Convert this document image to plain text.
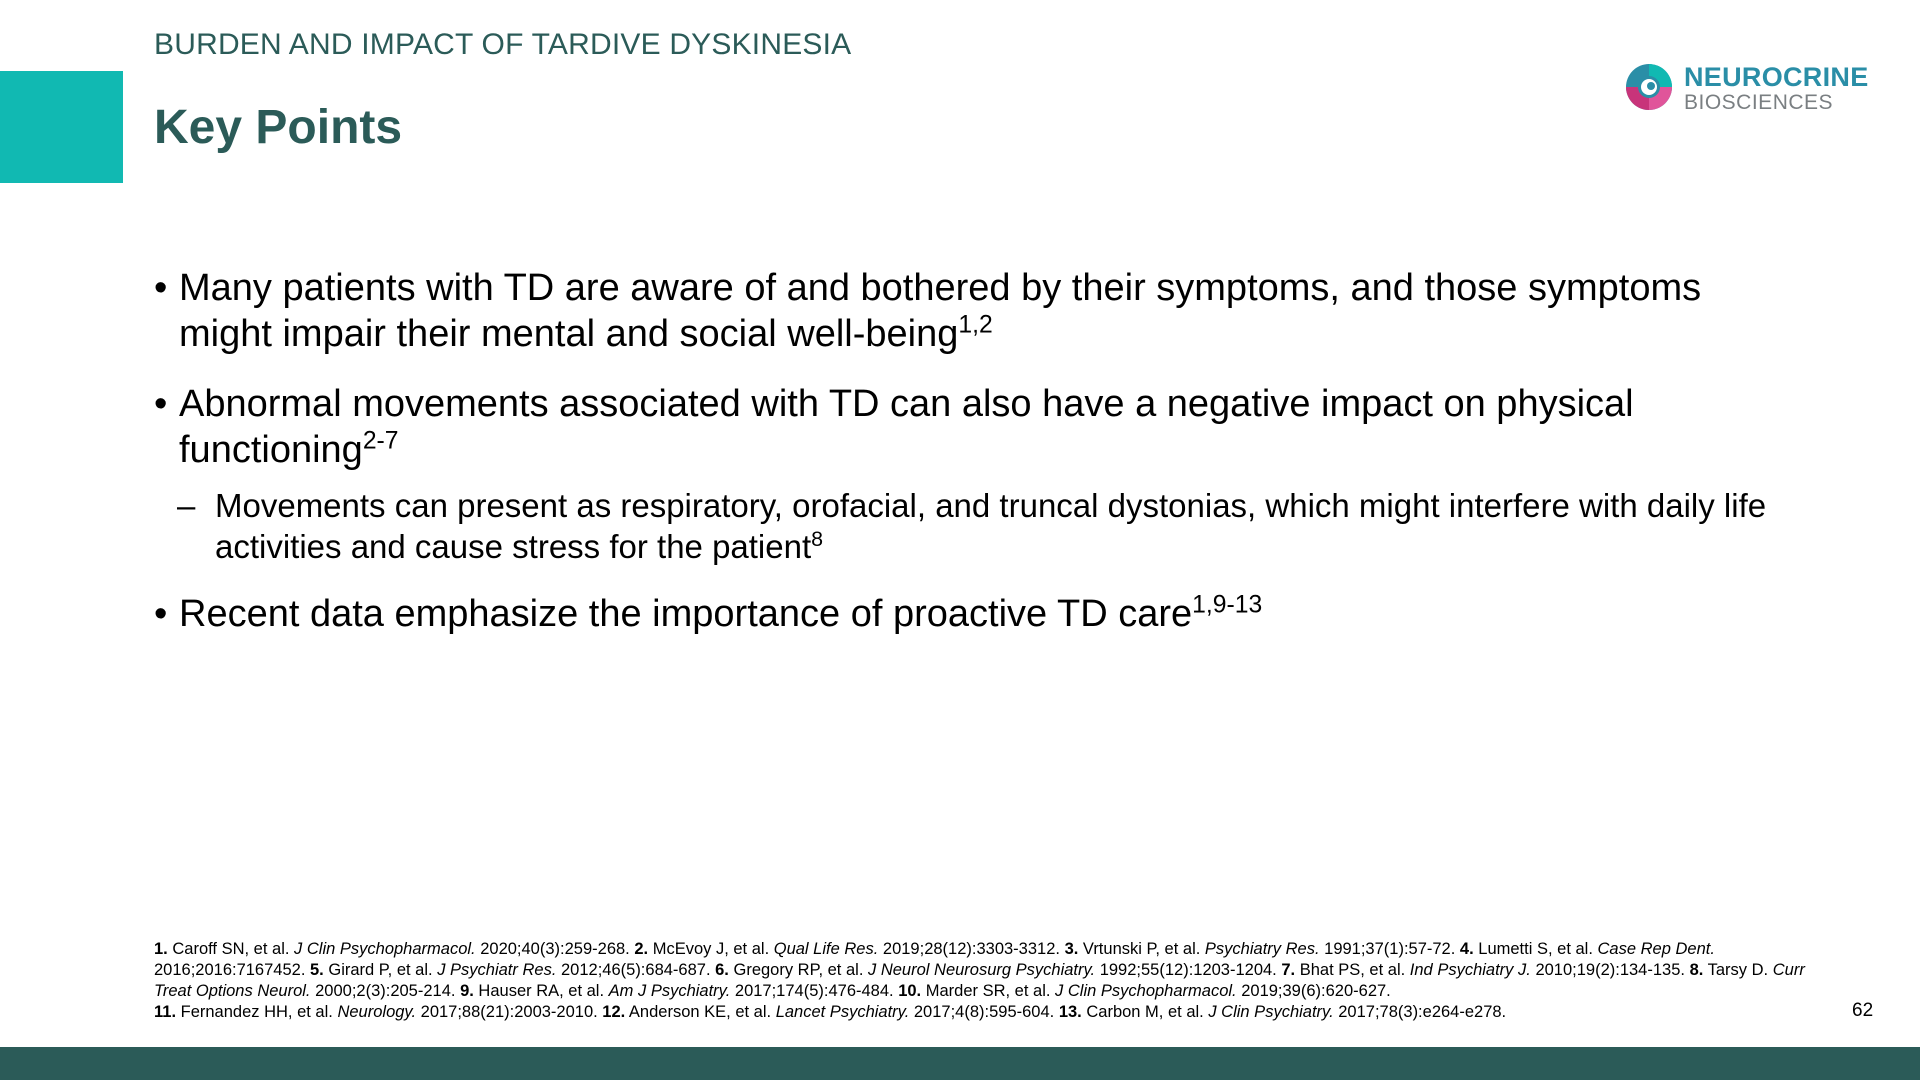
BURDEN AND IMPACT OF TARDIVE DYSKINESIA
Key Points
NEUROCRINE
BIOSCIENCES
• Many patients with TD are aware of and bothered by their symptoms, and those symptoms might impair their mental and social well-being$^{1,2}$
• Abnormal movements associated with TD can also have a negative impact on physical functioning$^{2-7}$
– Movements can present as respiratory, orofacial, and truncal dystonias, which might interfere with daily life activities and cause stress for the patient$^8$
• Recent data emphasize the importance of proactive TD care$^{1,9-13}$
1. Caroff SN, et al. J Clin Psychopharmacol. 2020;40(3):259-268. 2. McEvoy J, et al. Qual Life Res. 2019;28(12):3303-3312. 3. Vrtunski P, et al. Psychiatry Res. 1991;37(1):57-72. 4. Lumetti S, et al. Case Rep Dent. 2016;2016:7167452. 5. Girard P, et al. J Psychiatr Res. 2012;46(5):684-687. 6. Gregory RP, et al. J Neurol Neurosurg Psychiatry. 1992;55(12):1203-1204. 7. Bhat PS, et al. Ind Psychiatry J. 2010;19(2):134-135. 8. Tarsy D. Curr Treat Options Neurol. 2000;2(3):205-214. 9. Hauser RA, et al. Am J Psychiatry. 2017;174(5):476-484. 10. Marder SR, et al. J Clin Psychopharmacol. 2019;39(6):620-627.
11. Fernandez HH, et al. Neurology. 2017;88(21):2003-2010. 12. Anderson KE, et al. Lancet Psychiatry. 2017;4(8):595-604. 13. Carbon M, et al. J Clin Psychiatry. 2017;78(3):e264-e278.	62
